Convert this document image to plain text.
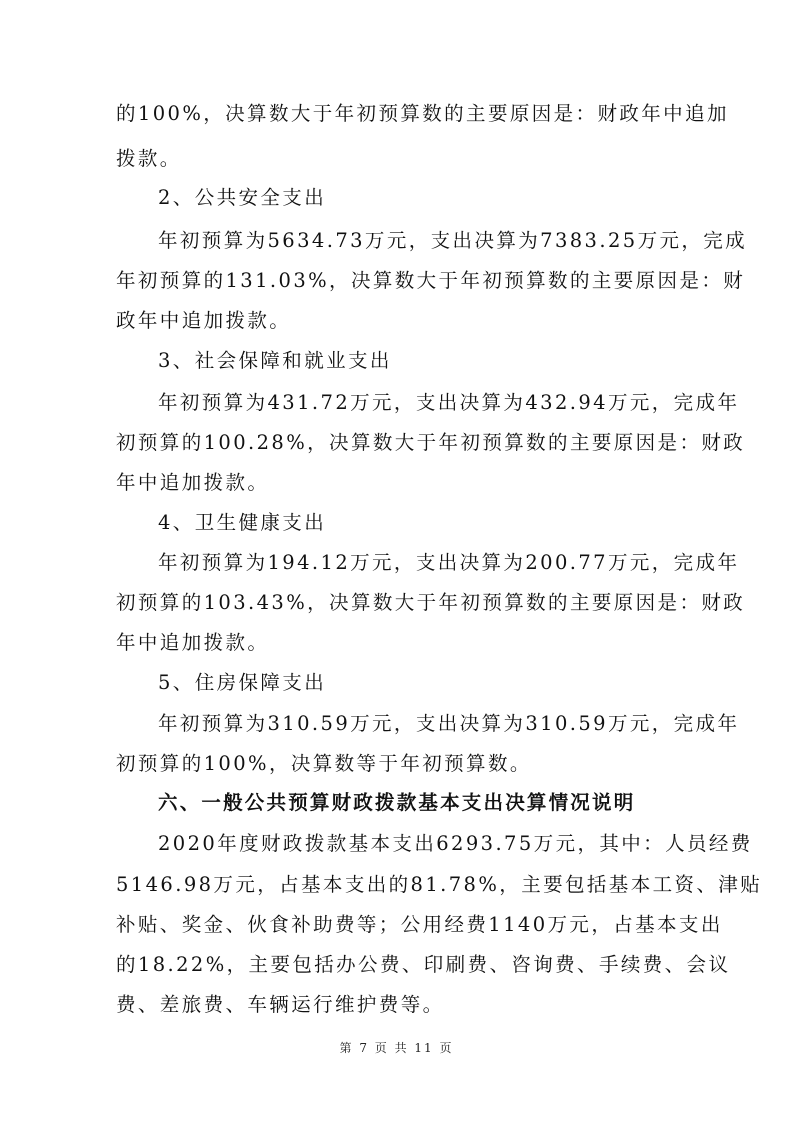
的100%，决算数大于年初预算数的主要原因是：财政年中追加
拨款。
2、公共安全支出
年初预算为5634.73万元，支出决算为7383.25万元，完成
年初预算的131.03%，决算数大于年初预算数的主要原因是：财
政年中追加拨款。
3、社会保障和就业支出
年初预算为431.72万元，支出决算为432.94万元，完成年
初预算的100.28%，决算数大于年初预算数的主要原因是：财政
年中追加拨款。
4、卫生健康支出
年初预算为194.12万元，支出决算为200.77万元，完成年
初预算的103.43%，决算数大于年初预算数的主要原因是：财政
年中追加拨款。
5、住房保障支出
年初预算为310.59万元，支出决算为310.59万元，完成年
初预算的100%，决算数等于年初预算数。
六、一般公共预算财政拨款基本支出决算情况说明
2020年度财政拨款基本支出6293.75万元，其中：人员经费
5146.98万元，占基本支出的81.78%，主要包括基本工资、津贴
补贴、奖金、伙食补助费等；公用经费1140万元，占基本支出
的18.22%，主要包括办公费、印刷费、咨询费、手续费、会议
费、差旅费、车辆运行维护费等。
第 7 页 共 11 页
